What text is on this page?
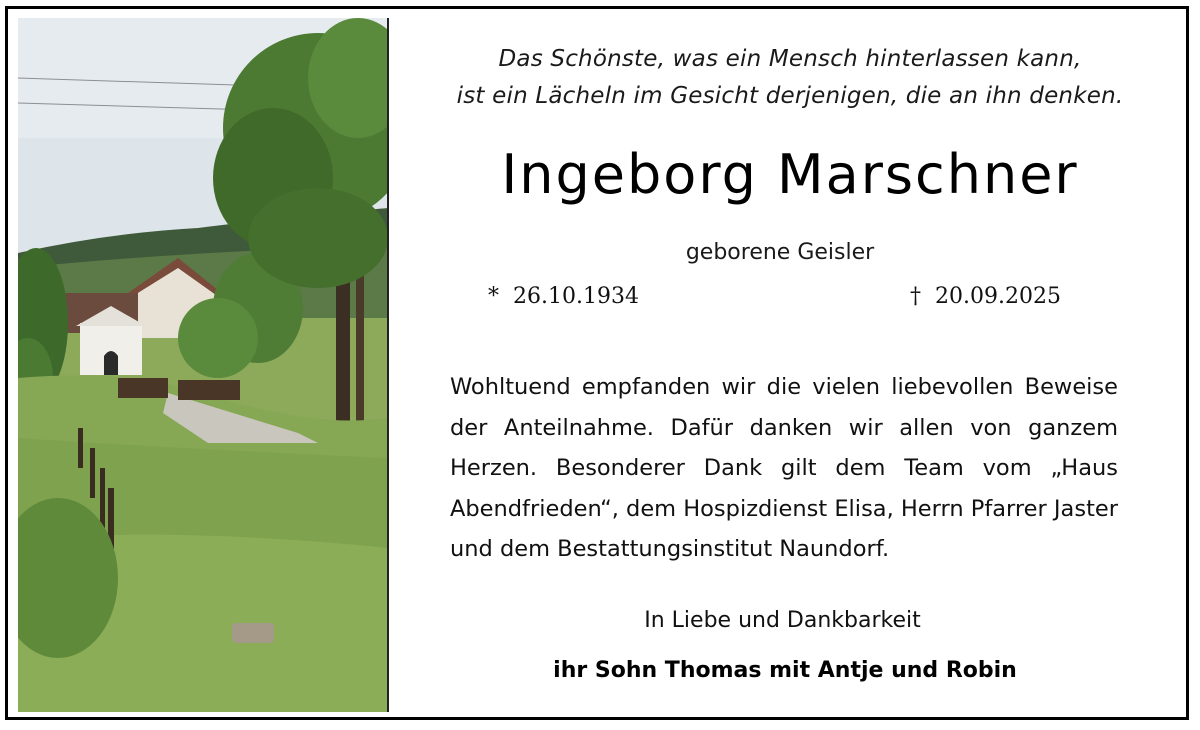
Das Schönste, was ein Mensch hinterlassen kann,
ist ein Lächeln im Gesicht derjenigen, die an ihn denken.
Ingeborg Marschner
geborene Geisler
* 26.10.1934	† 20.09.2025
Wohltuend empfanden wir die vielen liebevollen Beweise der Anteilnahme. Dafür danken wir allen von ganzem Herzen. Besonderer Dank gilt dem Team vom „Haus Abendfrieden“, dem Hospizdienst Elisa, Herrn Pfarrer Jaster und dem Bestattungsinstitut Naundorf.
In Liebe und Dankbarkeit
ihr Sohn Thomas mit Antje und Robin
